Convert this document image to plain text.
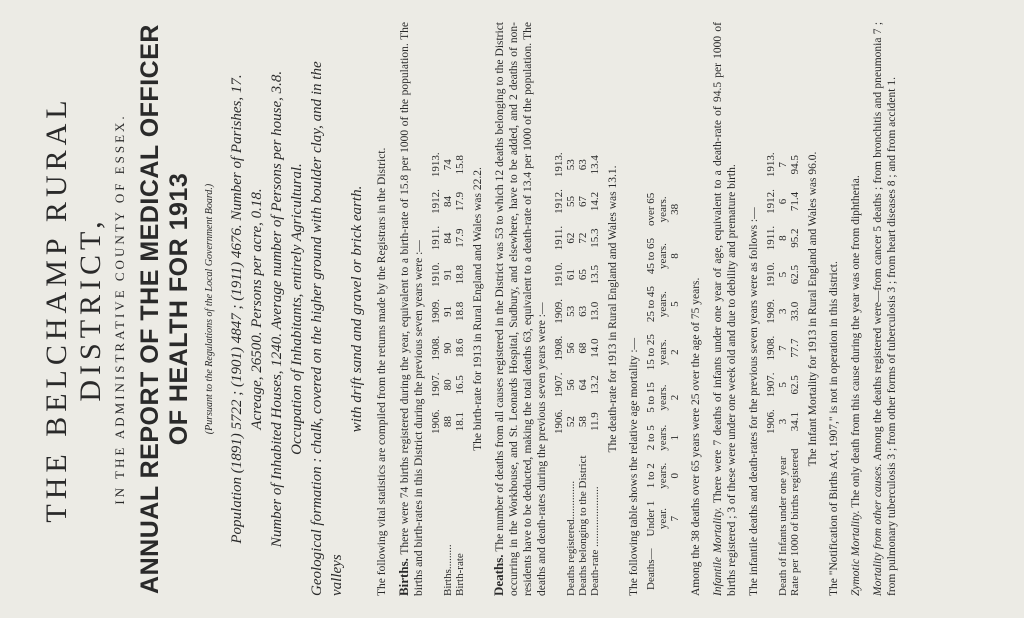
THE BELCHAMP RURAL DISTRICT, IN THE ADMINISTRATIVE COUNTY OF ESSEX. ANNUAL REPORT OF THE MEDICAL OFFICER OF HEALTH FOR 1913 (Pursuant to the Regulations of the Local Government Board.) Population (1891) 5722 ; (1901) 4847 ; (1911) 4676. Number of Parishes, 17. Acreage, 26500. Persons per acre, 0.18. Number of Inhabited Houses, 1240. Average number of Persons per house, 3.8. Occupation of Inhabitants, entirely Agricultural. Geological formation : chalk, covered on the higher ground with boulder clay, and in the valleys

with drift sand and gravel or brick earth. The following vital statistics are compiled from the returns made by the Registrars in the District. Births. There were 74 births registered during the year, equivalent to a birth-rate of 15.8 per 1000 of the population. The births and birth-rates in this District during the previous seven years were :—

	1906.	1907.	1908.	1909.	1910.	1911.	1912.	1913.
Births.........	88	80	90	91	91	84	84	74
Birth-rate	18.1	16.5	18.6	18.8	18.8	17.9	17.9	15.8
The birth-rate for 1913 in Rural England and Wales was 22.2.

Deaths. The number of deaths from all causes registered in the District was 53 to which 12 deaths belonging to the District occurring in the Workhouse, and St. Leonards Hospital, Sudbury, and elsewhere, have to be added, and 2 deaths of non-residents have to be deducted, making the total deaths 63, equivalent to a death-rate of 13.4 per 1000 of the population. The deaths and death-rates during the previous seven years were :—

	1906.	1907.	1908.	1909.	1910.	1911.	1912.	1913.
Deaths registered..............	52	56	56	53	61	62	55	53
Deaths belonging to the District	58	64	68	63	65	72	67	63
Death-rate ......................	11.9	13.2	14.0	13.0	13.5	15.3	14.2	13.4
The death-rate for 1913 in Rural England and Wales was 13.1.

The following table shows the relative age mortality :— Deaths—	Under 1	1 to 2	2 to 5	5 to 15	15 to 25	25 to 45	45 to 65	over 65
	year.	years.	years.	years.	years.	years.	years.	years.
	7	0	1	2	2	5	8	38

Among the 38 deaths over 65 years were 25 over the age of 75 years. Infantile Mortality. There were 7 deaths of infants under one year of age, equivalent to a death-rate of 94.5 per 1000 of births registered ; 3 of these were under one week old and due to debility and premature birth. The infantile deaths and death-rates for the previous seven years were as follows :—

	1906.	1907.	1908.	1909.	1910.	1911.	1912.	1913.
Death of Infants under one year	3	5	7	3	5	8	6	7
Rate per 1000 of births registered	34.1	62.5	77.7	33.0	62.5	95.2	71.4	94.5 The Infant Mortality for 1913 in Rural England and Wales was 96.0. The "Notification of Births Act, 1907," is not in operation in this district. Zymotic Mortality. The only death from this cause during the year was one from diphtheria.

Mortality from other causes. Among the deaths registered were—from cancer 5 deaths ; from bronchitis and pneumonia 7 ; from pulmonary tuberculosis 3 ; from other forms of tuberculosis 3 ; from heart diseases 8 ; and from accident 1.
